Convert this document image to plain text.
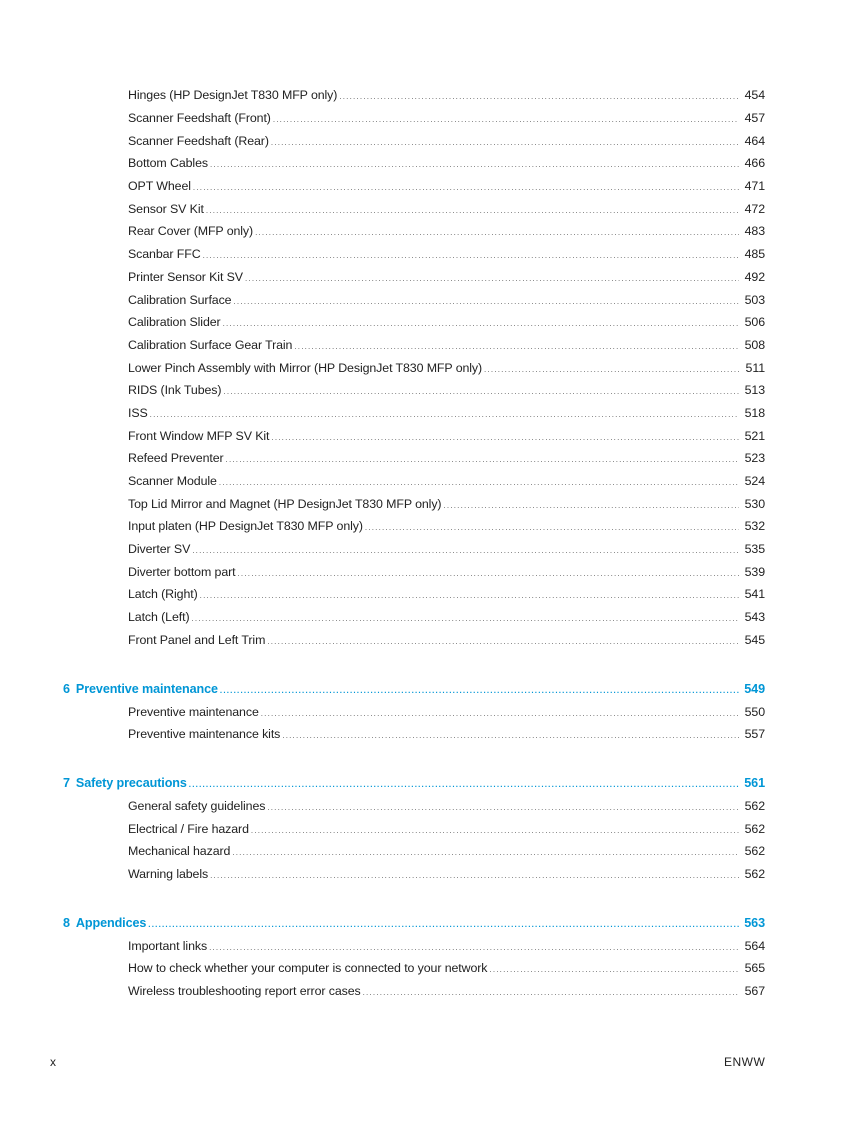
Hinges (HP DesignJet T830 MFP only) .....	454
Scanner Feedshaft (Front) .....	457
Scanner Feedshaft (Rear) .....	464
Bottom Cables .....	466
OPT Wheel .....	471
Sensor SV Kit .....	472
Rear Cover (MFP only) .....	483
Scanbar FFC .....	485
Printer Sensor Kit SV .....	492
Calibration Surface .....	503
Calibration Slider .....	506
Calibration Surface Gear Train .....	508
Lower Pinch Assembly with Mirror (HP DesignJet T830 MFP only) .....	511
RIDS (Ink Tubes) .....	513
ISS .....	518
Front Window MFP SV Kit .....	521
Refeed Preventer .....	523
Scanner Module .....	524
Top Lid Mirror and Magnet (HP DesignJet T830 MFP only) .....	530
Input platen (HP DesignJet T830 MFP only) .....	532
Diverter SV .....	535
Diverter bottom part .....	539
Latch (Right) .....	541
Latch (Left) .....	543
Front Panel and Left Trim .....	545
6 Preventive maintenance .....	549
Preventive maintenance .....	550
Preventive maintenance kits .....	557
7 Safety precautions .....	561
General safety guidelines .....	562
Electrical / Fire hazard .....	562
Mechanical hazard .....	562
Warning labels .....	562
8 Appendices .....	563
Important links .....	564
How to check whether your computer is connected to your network .....	565
Wireless troubleshooting report error cases .....	567
x	ENWW
